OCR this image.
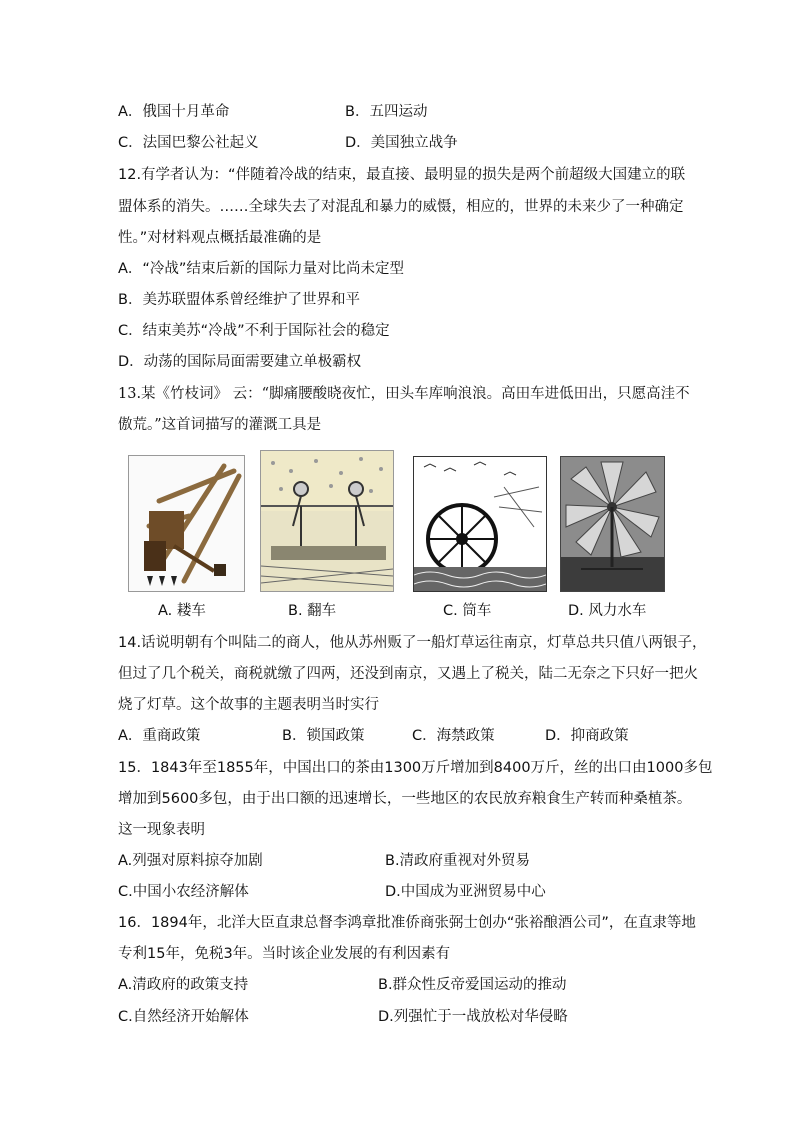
A．俄国十月革命	B．五四运动
C．法国巴黎公社起义	D．美国独立战争
12.有学者认为：“伴随着冷战的结束，最直接、最明显的损失是两个前超级大国建立的联
盟体系的消失。……全球失去了对混乱和暴力的威慑，相应的，世界的未来少了一种确定
性。”对材料观点概括最准确的是
A．“冷战”结束后新的国际力量对比尚未定型
B．美苏联盟体系曾经维护了世界和平
C．结束美苏“冷战”不利于国际社会的稳定
D．动荡的国际局面需要建立单极霸权
13.某《竹枝词》 云：“脚痛腰酸晓夜忙，田头车库响浪浪。高田车进低田出，只愿高洼不
傲荒。”这首词描写的灌溉工具是
A. 耧车	B. 翻车	C. 筒车	D. 风力水车
14.话说明朝有个叫陆二的商人，他从苏州贩了一船灯草运往南京，灯草总共只值八两银子，
但过了几个税关，商税就缴了四两，还没到南京，又遇上了税关，陆二无奈之下只好一把火
烧了灯草。这个故事的主题表明当时实行
A．重商政策	B．锁国政策	C．海禁政策	D．抑商政策
15．1843年至1855年，中国出口的茶由1300万斤增加到8400万斤，丝的出口由1000多包
增加到5600多包，由于出口额的迅速增长，一些地区的农民放弃粮食生产转而种桑植茶。
这一现象表明
A.列强对原料掠夺加剧	B.清政府重视对外贸易
C.中国小农经济解体	D.中国成为亚洲贸易中心
16．1894年，北洋大臣直隶总督李鸿章批准侨商张弼士创办“张裕酿酒公司”，在直隶等地
专利15年，免税3年。当时该企业发展的有利因素有
A.清政府的政策支持	B.群众性反帝爱国运动的推动
C.自然经济开始解体	D.列强忙于一战放松对华侵略
